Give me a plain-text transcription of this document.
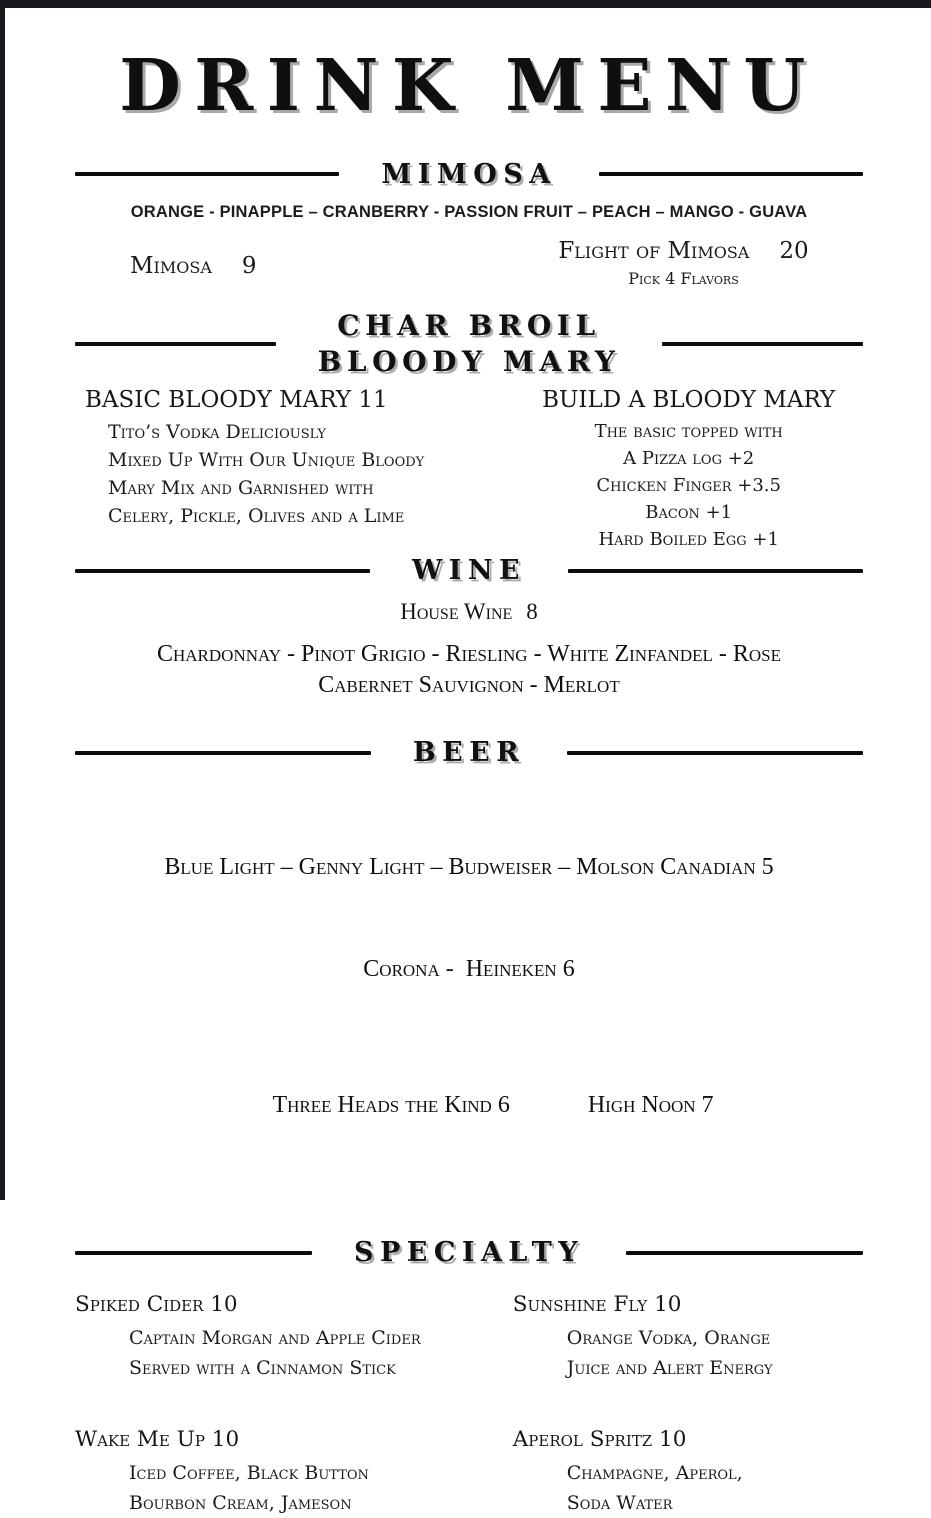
DRINK MENU
MIMOSA
ORANGE - PINAPPLE – CRANBERRY - PASSION FRUIT – PEACH – MANGO - GUAVA
Mimosa 9
Flight of Mimosa 20
Pick 4 Flavors
CHAR BROIL
BLOODY MARY
BASIC BLOODY MARY 11
Tito’s Vodka Deliciously
Mixed Up With Our Unique Bloody
Mary Mix and Garnished with
Celery, Pickle, Olives and a Lime
BUILD A BLOODY MARY
The basic topped with
A Pizza log +2
Chicken Finger +3.5
Bacon +1
Hard Boiled Egg +1
WINE
House Wine 8
Chardonnay - Pinot Grigio - Riesling - White Zinfandel - Rose
Cabernet Sauvignon - Merlot
BEER

Blue Light – Genny Light – Budweiser – Molson Canadian 5

Corona -  Heineken 6

Three Heads the Kind 6	High Noon 7

SPECIALTY
Spiked Cider 10
Captain Morgan and Apple Cider
Served with a Cinnamon Stick
Sunshine Fly 10
Orange Vodka, Orange
Juice and Alert Energy
Wake Me Up 10
Iced Coffee, Black Button
Bourbon Cream, Jameson
Aperol Spritz 10
Champagne, Aperol,
Soda Water
